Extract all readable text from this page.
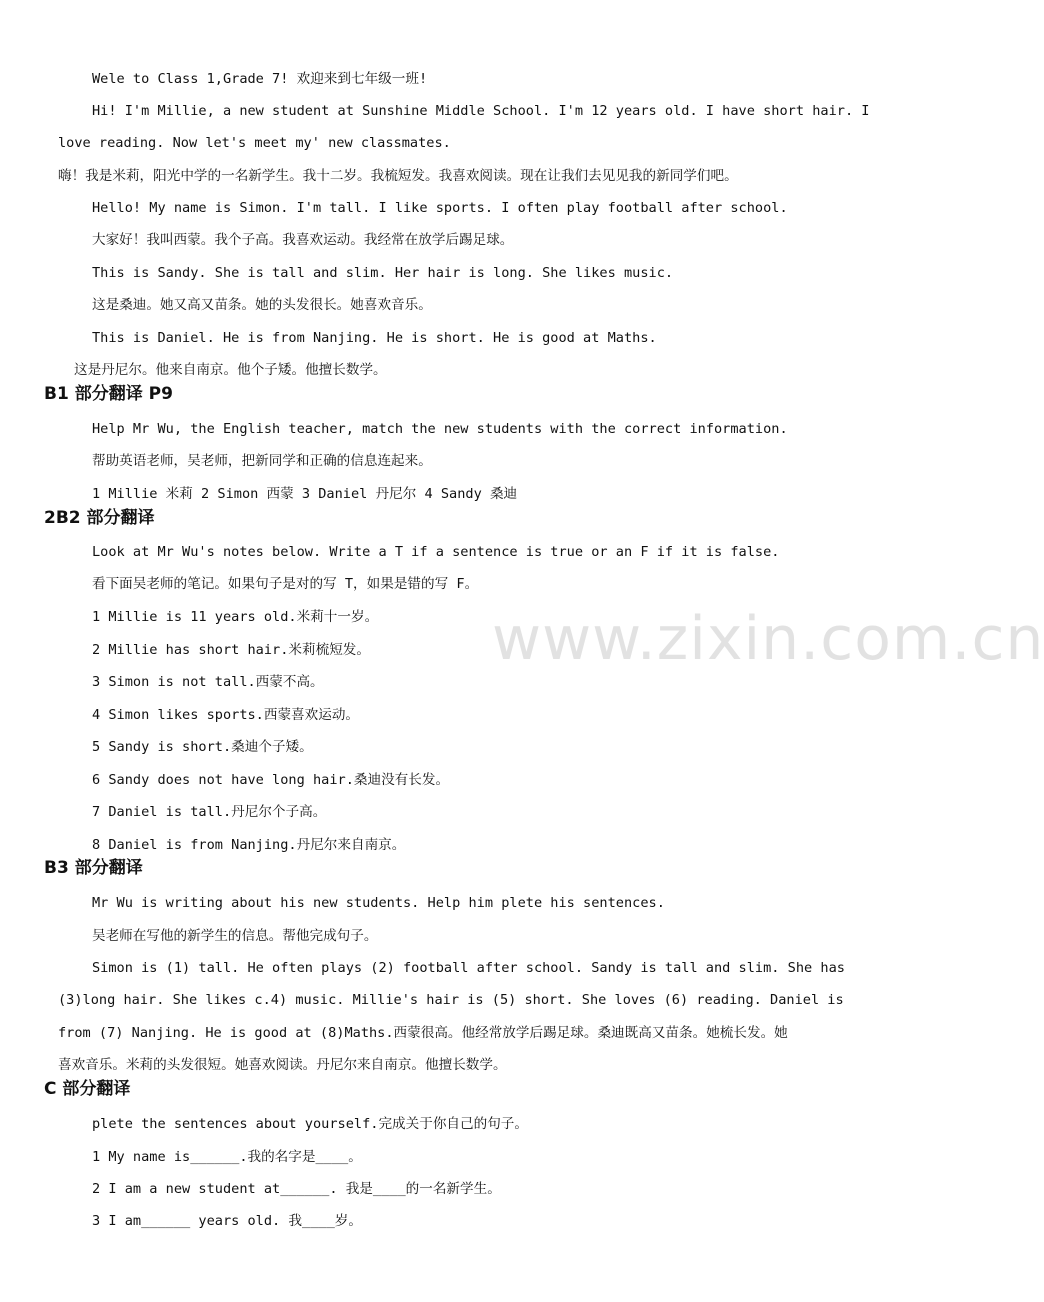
Wele to Class 1,Grade 7! 欢迎来到七年级一班!
Hi! I'm Millie, a new student at Sunshine Middle School. I'm 12 years old. I have short hair. I
love reading. Now let's meet my' new classmates.
嗨！我是米莉，阳光中学的一名新学生。我十二岁。我梳短发。我喜欢阅读。现在让我们去见见我的新同学们吧。
Hello! My name is Simon. I'm tall. I like sports. I often play football after school.
大家好！我叫西蒙。我个子高。我喜欢运动。我经常在放学后踢足球。
This is Sandy. She is tall and slim. Her hair is long. She likes music.
这是桑迪。她又高又苗条。她的头发很长。她喜欢音乐。
This is Daniel. He is from Nanjing. He is short. He is good at Maths.
这是丹尼尔。他来自南京。他个子矮。他擅长数学。
B1 部分翻译 P9
Help Mr Wu, the English teacher, match the new students with the correct information.
帮助英语老师，吴老师，把新同学和正确的信息连起来。
1 Millie 米莉 2 Simon 西蒙 3 Daniel 丹尼尔 4 Sandy 桑迪
2B2 部分翻译
Look at Mr Wu's notes below. Write a T if a sentence is true or an F if it is false.
看下面吴老师的笔记。如果句子是对的写 T，如果是错的写 F。
1 Millie is 11 years old.米莉十一岁。
2 Millie has short hair.米莉梳短发。
3 Simon is not tall.西蒙不高。
4 Simon likes sports.西蒙喜欢运动。
5 Sandy is short.桑迪个子矮。
6 Sandy does not have long hair.桑迪没有长发。
7 Daniel is tall.丹尼尔个子高。
8 Daniel is from Nanjing.丹尼尔来自南京。
B3 部分翻译
Mr Wu is writing about his new students. Help him plete his sentences.
吴老师在写他的新学生的信息。帮他完成句子。
Simon is (1) tall. He often plays (2) football after school. Sandy is tall and slim. She has
(3)long hair. She likes c.4) music. Millie's hair is (5) short. She loves (6) reading. Daniel is
from (7) Nanjing. He is good at (8)Maths.西蒙很高。他经常放学后踢足球。桑迪既高又苗条。她梳长发。她
喜欢音乐。米莉的头发很短。她喜欢阅读。丹尼尔来自南京。他擅长数学。
C 部分翻译
plete the sentences about yourself.完成关于你自己的句子。
1 My name is______.我的名字是____。
2 I am a new student at______. 我是____的一名新学生。
3 I am______ years old. 我____岁。
www.zixin.com.cn
